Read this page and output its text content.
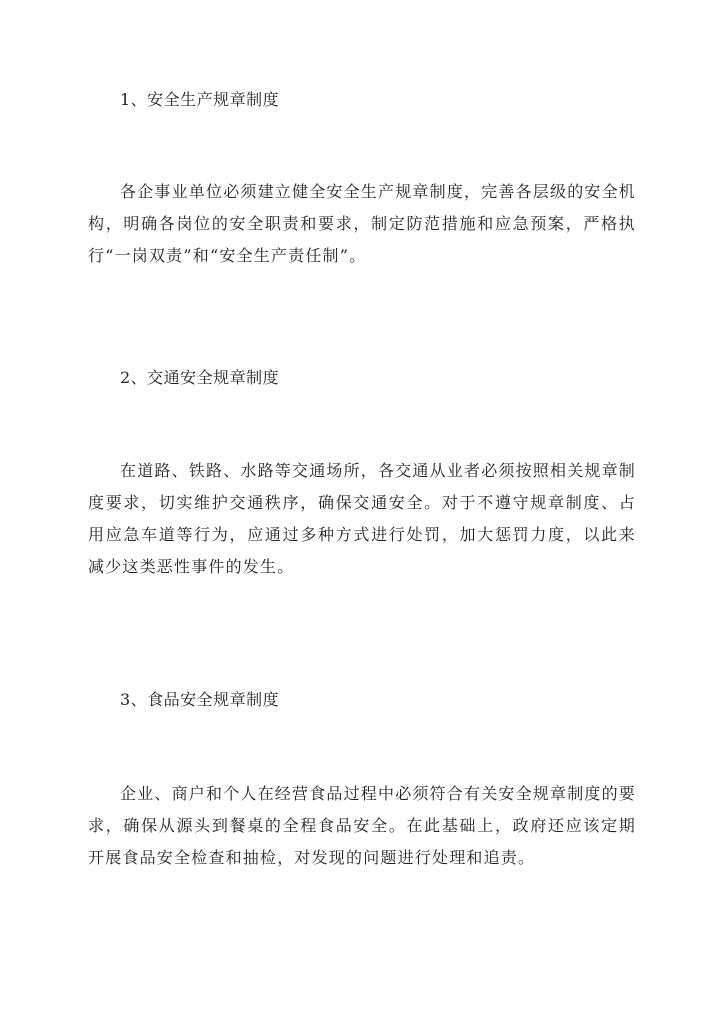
1、安全生产规章制度

各企事业单位必须建立健全安全生产规章制度，完善各层级的安全机构，明确各岗位的安全职责和要求，制定防范措施和应急预案，严格执行“一岗双责”和“安全生产责任制”。

2、交通安全规章制度

在道路、铁路、水路等交通场所，各交通从业者必须按照相关规章制度要求，切实维护交通秩序，确保交通安全。对于不遵守规章制度、占用应急车道等行为，应通过多种方式进行处罚，加大惩罚力度，以此来减少这类恶性事件的发生。

3、食品安全规章制度

企业、商户和个人在经营食品过程中必须符合有关安全规章制度的要求，确保从源头到餐桌的全程食品安全。在此基础上，政府还应该定期开展食品安全检查和抽检，对发现的问题进行处理和追责。
